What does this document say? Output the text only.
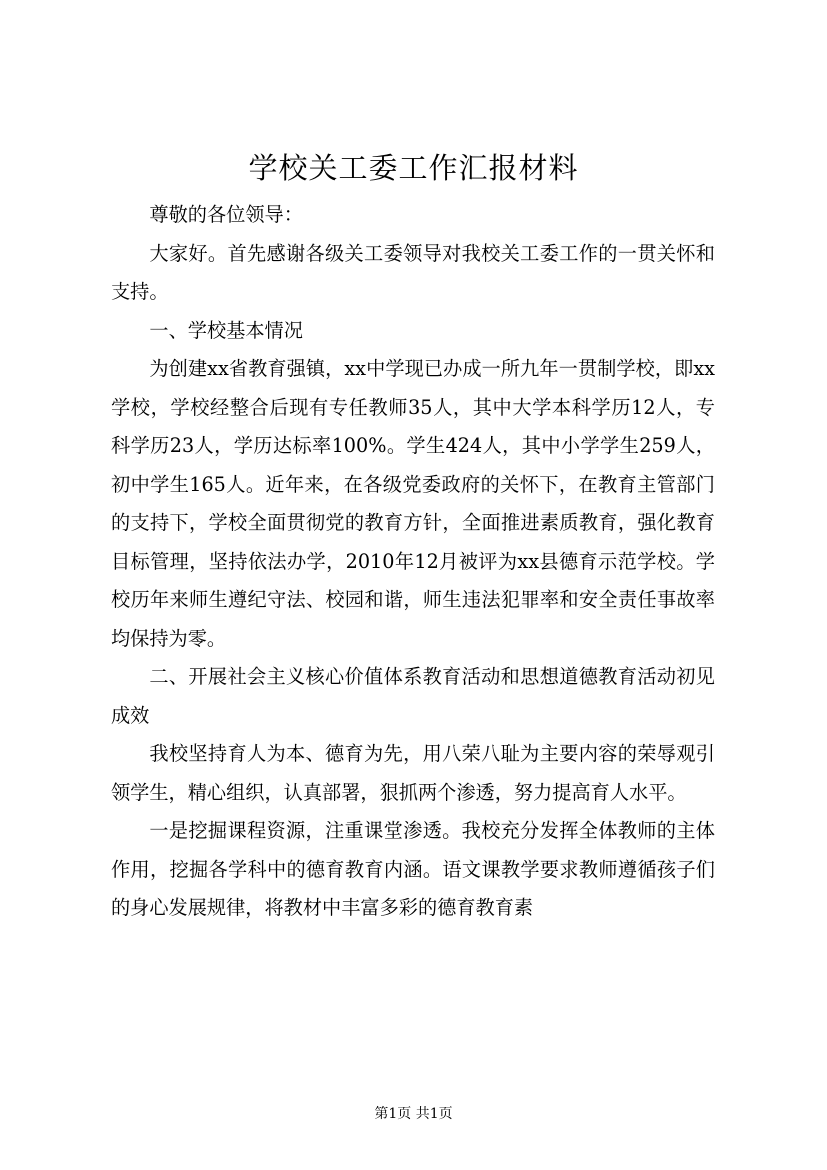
学校关工委工作汇报材料

尊敬的各位领导：

大家好。首先感谢各级关工委领导对我校关工委工作的一贯关怀和支持。

一、学校基本情况

为创建xx省教育强镇，xx中学现已办成一所九年一贯制学校，即xx学校，学校经整合后现有专任教师35人，其中大学本科学历12人，专科学历23人，学历达标率100%。学生424人，其中小学学生259人，初中学生165人。近年来，在各级党委政府的关怀下，在教育主管部门的支持下，学校全面贯彻党的教育方针，全面推进素质教育，强化教育目标管理，坚持依法办学，2010年12月被评为xx县德育示范学校。学校历年来师生遵纪守法、校园和谐，师生违法犯罪率和安全责任事故率均保持为零。

二、开展社会主义核心价值体系教育活动和思想道德教育活动初见成效

我校坚持育人为本、德育为先，用八荣八耻为主要内容的荣辱观引领学生，精心组织，认真部署，狠抓两个渗透，努力提高育人水平。

一是挖掘课程资源，注重课堂渗透。我校充分发挥全体教师的主体作用，挖掘各学科中的德育教育内涵。语文课教学要求教师遵循孩子们的身心发展规律，将教材中丰富多彩的德育教育素

第1页 共1页
